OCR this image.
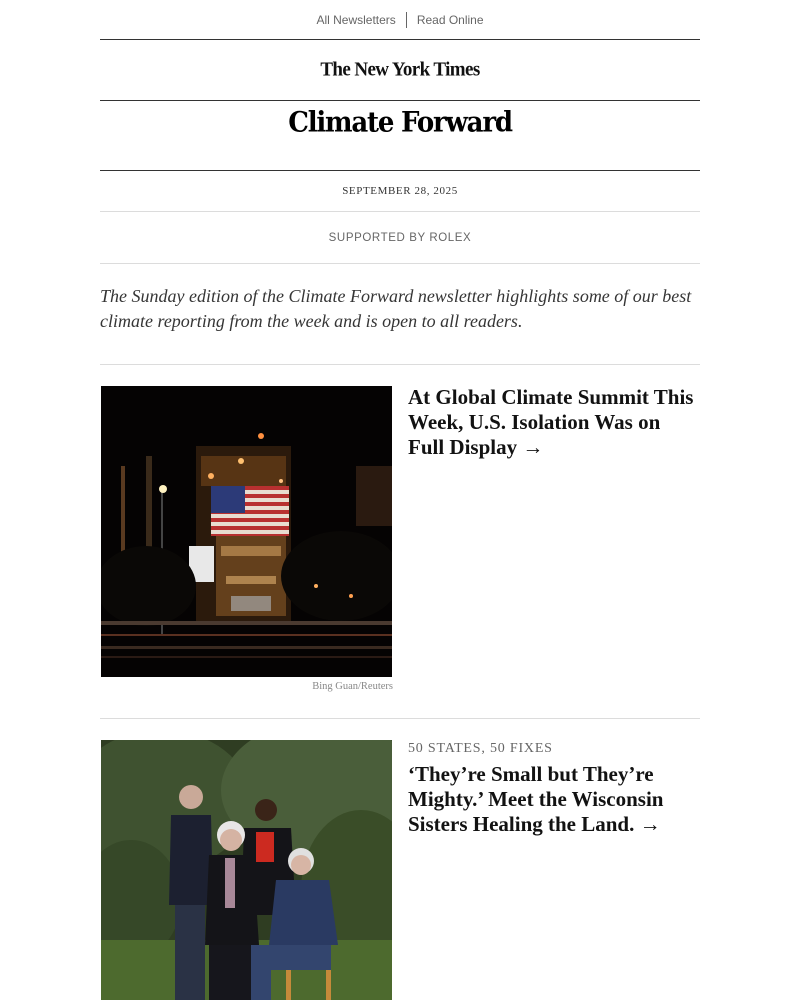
All Newsletters	Read Online
The New York Times
Climate Forward
SEPTEMBER 28, 2025
SUPPORTED BY ROLEX

The Sunday edition of the Climate Forward newsletter highlights some of our best climate reporting from the week and is open to all readers.

Bing Guan/Reuters
At Global Climate Summit This Week, U.S. Isolation Was on Full Display →
50 STATES, 50 FIXES
‘They’re Small but They’re Mighty.’ Meet the Wisconsin Sisters Healing the Land. →
